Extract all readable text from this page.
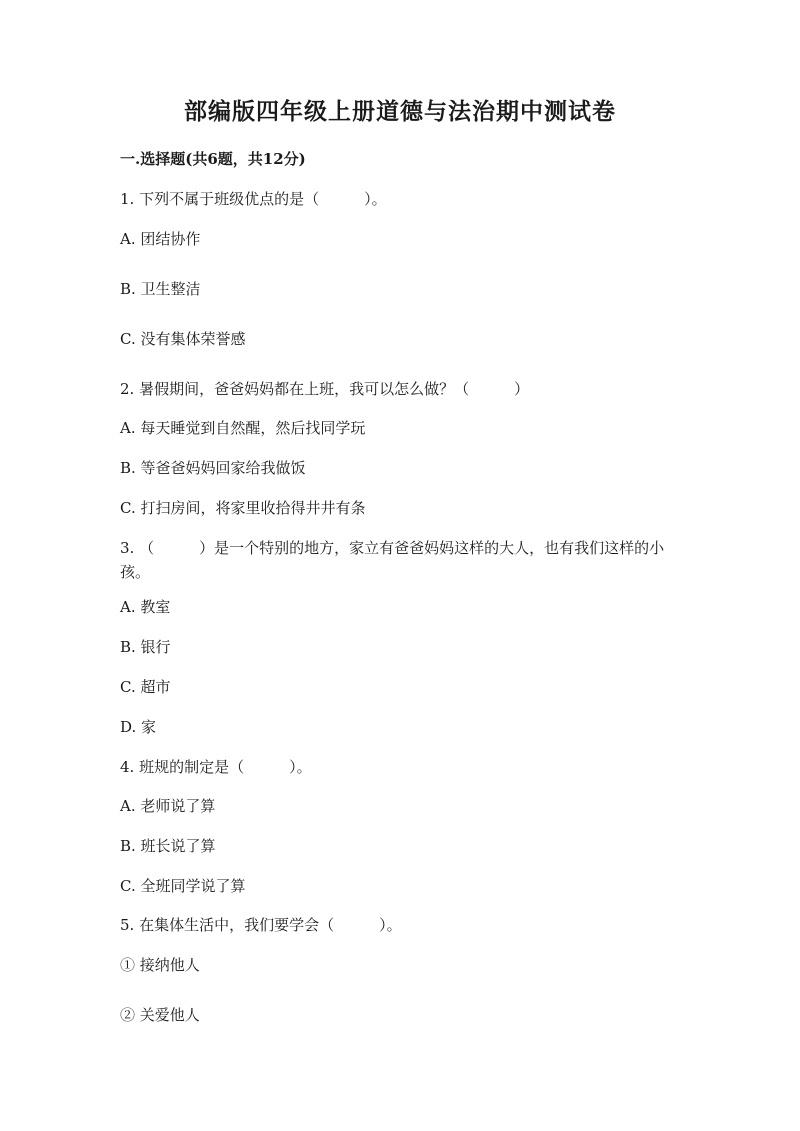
部编版四年级上册道德与法治期中测试卷
一.选择题(共6题，共12分)
1. 下列不属于班级优点的是（　　　）。
A. 团结协作
B. 卫生整洁
C. 没有集体荣誉感
2. 暑假期间，爸爸妈妈都在上班，我可以怎么做？（　　　）
A. 每天睡觉到自然醒，然后找同学玩
B. 等爸爸妈妈回家给我做饭
C. 打扫房间，将家里收拾得井井有条
3. （　　　）是一个特别的地方，家立有爸爸妈妈这样的大人，也有我们这样的小孩。
A. 教室
B. 银行
C. 超市
D. 家
4. 班规的制定是（　　　）。
A. 老师说了算
B. 班长说了算
C. 全班同学说了算
5. 在集体生活中，我们要学会（　　　）。
① 接纳他人
② 关爱他人
